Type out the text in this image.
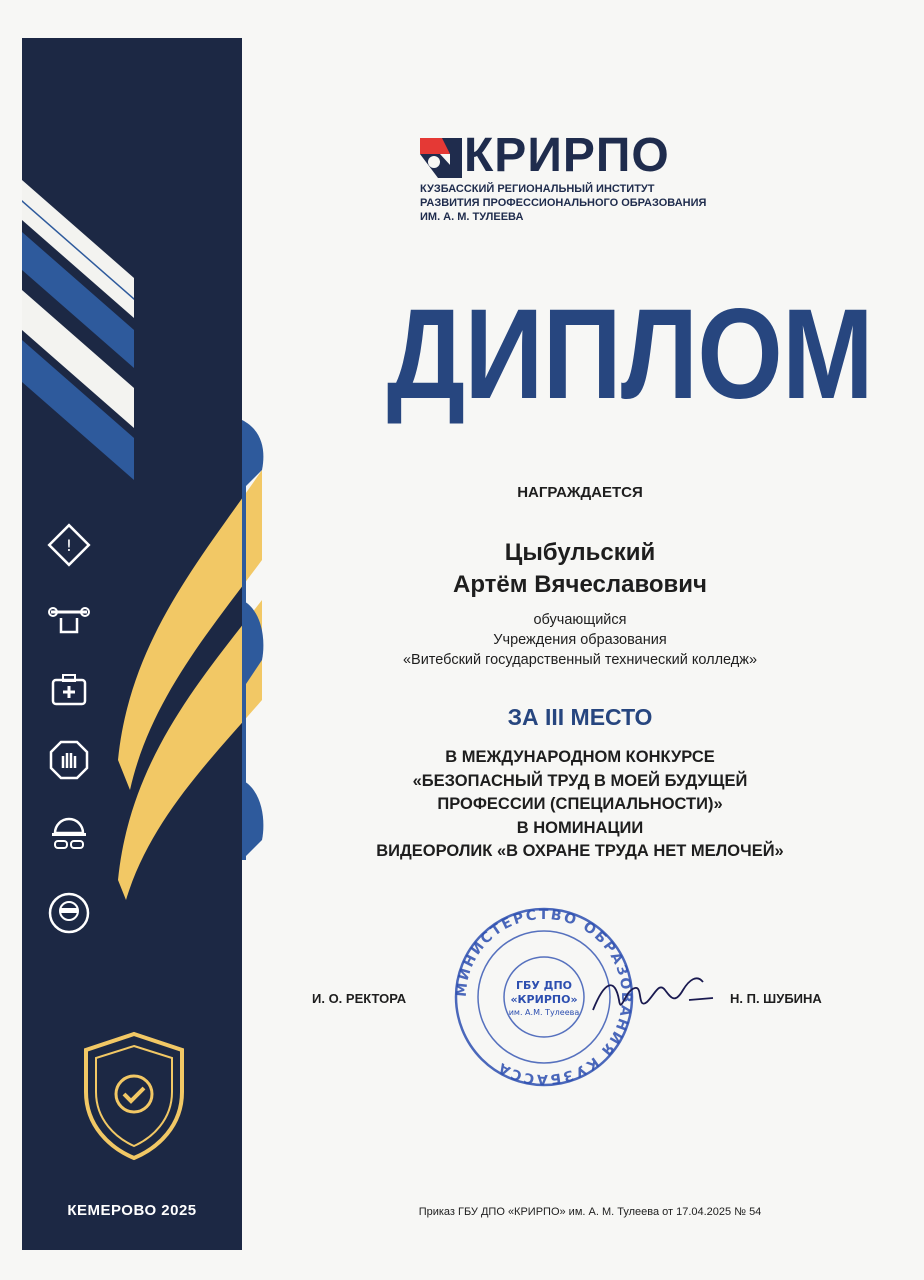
!
КЕМЕРОВО 2025
КРИРПО
КУЗБАССКИЙ РЕГИОНАЛЬНЫЙ ИНСТИТУТ
РАЗВИТИЯ ПРОФЕССИОНАЛЬНОГО ОБРАЗОВАНИЯ
ИМ. А. М. ТУЛЕЕВА
ДИПЛОМ
НАГРАЖДАЕТСЯ
Цыбульский
Артём Вячеславович
обучающийся
Учреждения образования
«Витебский государственный технический колледж»
ЗА III МЕСТО
В МЕЖДУНАРОДНОМ КОНКУРСЕ
«БЕЗОПАСНЫЙ ТРУД В МОЕЙ БУДУЩЕЙ
ПРОФЕССИИ (СПЕЦИАЛЬНОСТИ)»
В НОМИНАЦИИ
ВИДЕОРОЛИК «В ОХРАНЕ ТРУДА НЕТ МЕЛОЧЕЙ»
И. О. РЕКТОРА	Н. П. ШУБИНА
МИНИСТЕРСТВО ОБРАЗОВАНИЯ КУЗБАССА
ГБУ ДПО
«КРИРПО»
им. А.М. Тулеева
Приказ ГБУ ДПО «КРИРПО» им. А. М. Тулеева от 17.04.2025 № 54
